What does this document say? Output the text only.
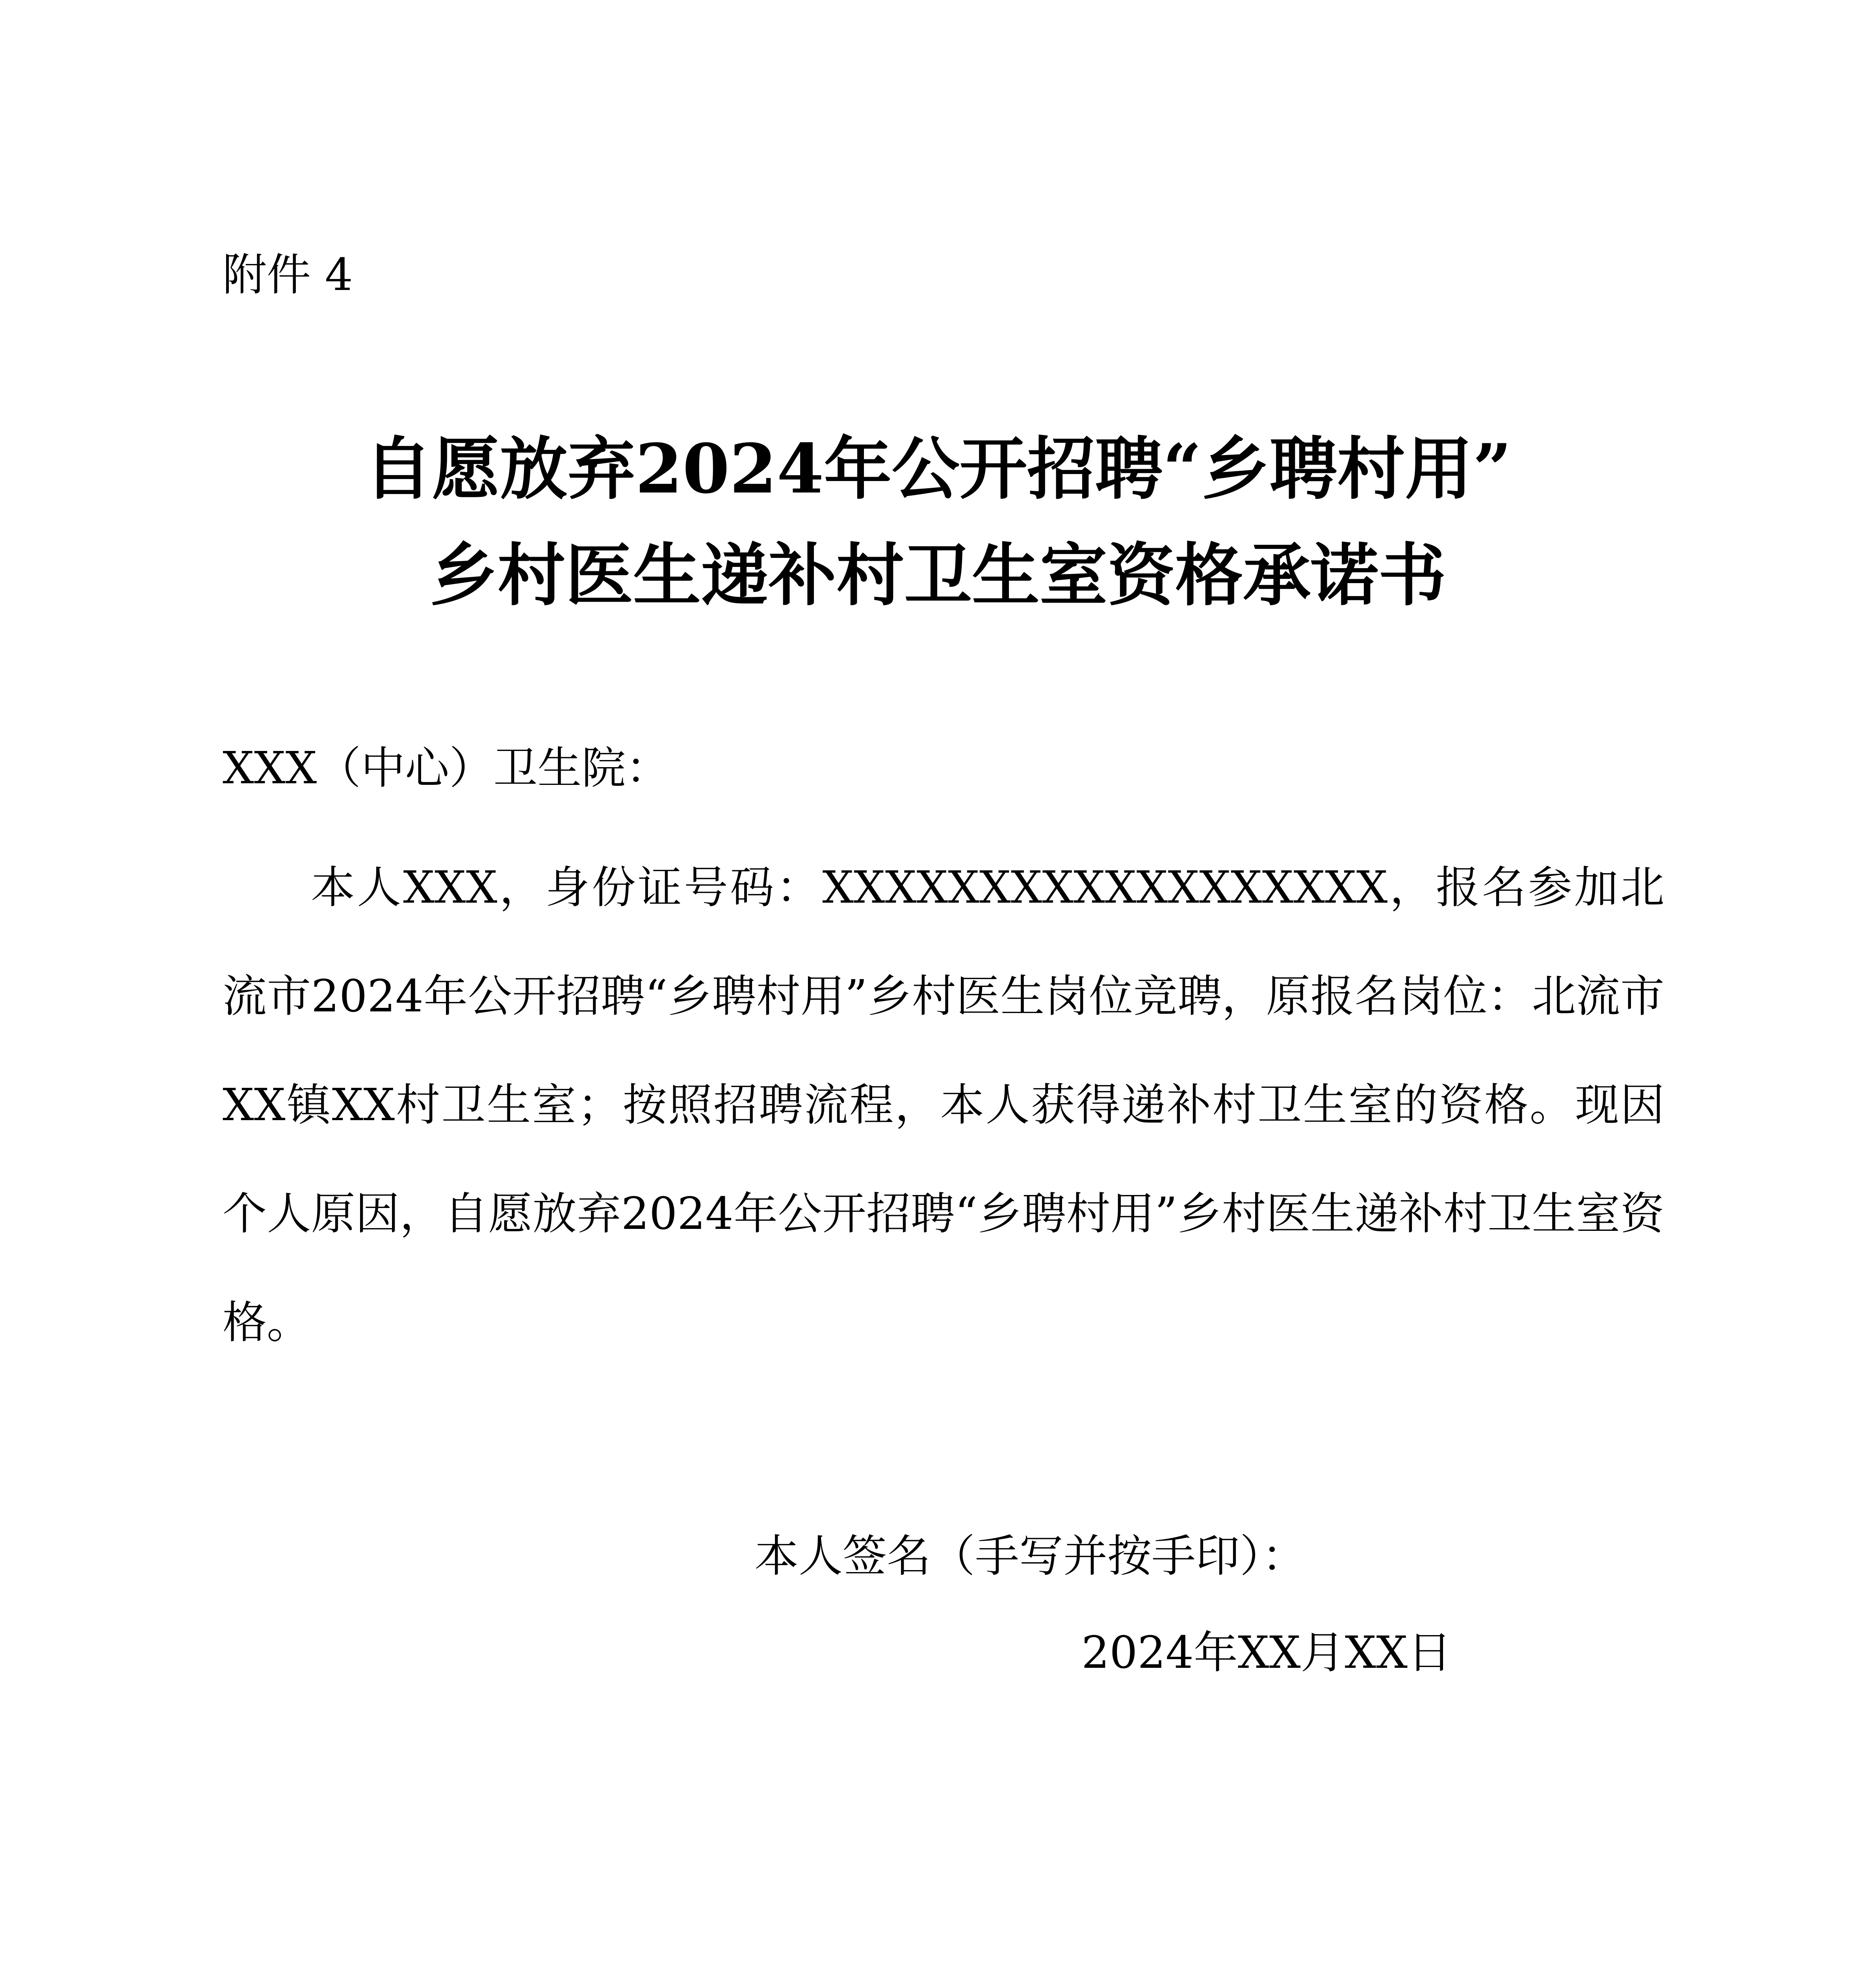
附件 4
自愿放弃2024年公开招聘“乡聘村用”
乡村医生递补村卫生室资格承诺书
XXX（中心）卫生院：
本人XXX，身份证号码：XXXXXXXXXXXXXXXXXX，报名参加北流市2024年公开招聘“乡聘村用”乡村医生岗位竞聘，原报名岗位：北流市XX镇XX村卫生室；按照招聘流程，本人获得递补村卫生室的资格。现因个人原因，自愿放弃2024年公开招聘“乡聘村用”乡村医生递补村卫生室资格。
本人签名（手写并按手印）：
2024年XX月XX日
